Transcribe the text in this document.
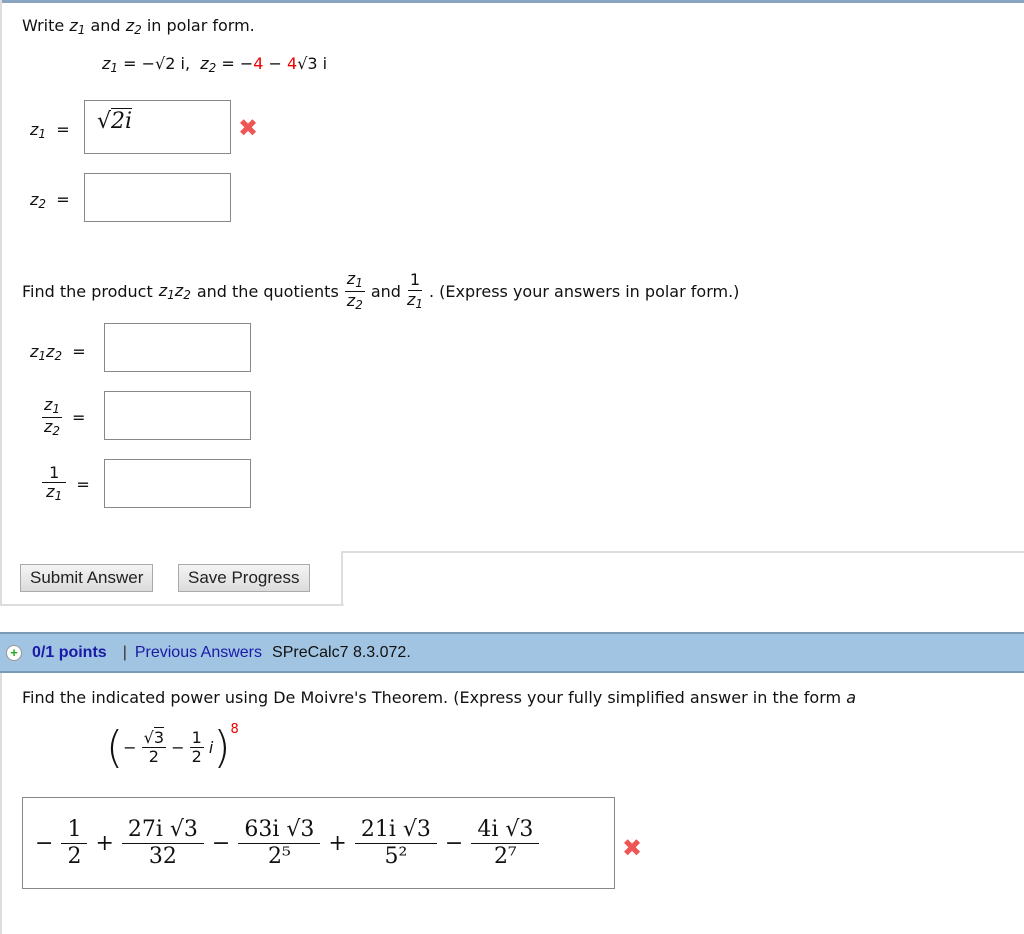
Write $z_1$ and $z_2$ in polar form.
$z_1 = -√2$ i,  $z_2 = -4 - 4√3$ i
$z_1$  =	√2i	✖
$z_2$  =
Find the product $z_1z_2$ and the quotients $\frac{z_1}{z_2}$ and $\frac{1}{z_1}$ . (Express your answers in polar form.)
$z_1z_2$  =
$\frac{z_1}{z_2}$ =
$\frac{1}{z_1}$ =
Submit Answer	Save Progress
+ 0/1 points | Previous Answers SPreCalc7 8.3.072.
Find the indicated power using De Moivre's Theorem. (Express your fully simplified answer in the form a
( −
$\frac{√3}{2} - \frac{1}{2}$
i ) 8
− $\frac{1}{2} + \frac{27i √3}{32} - \frac{63i √3}{\text{2⁵}} + \frac{21i √3}{\text{5²}} - \frac{4i √3}{\text{2⁷}}$	✖
